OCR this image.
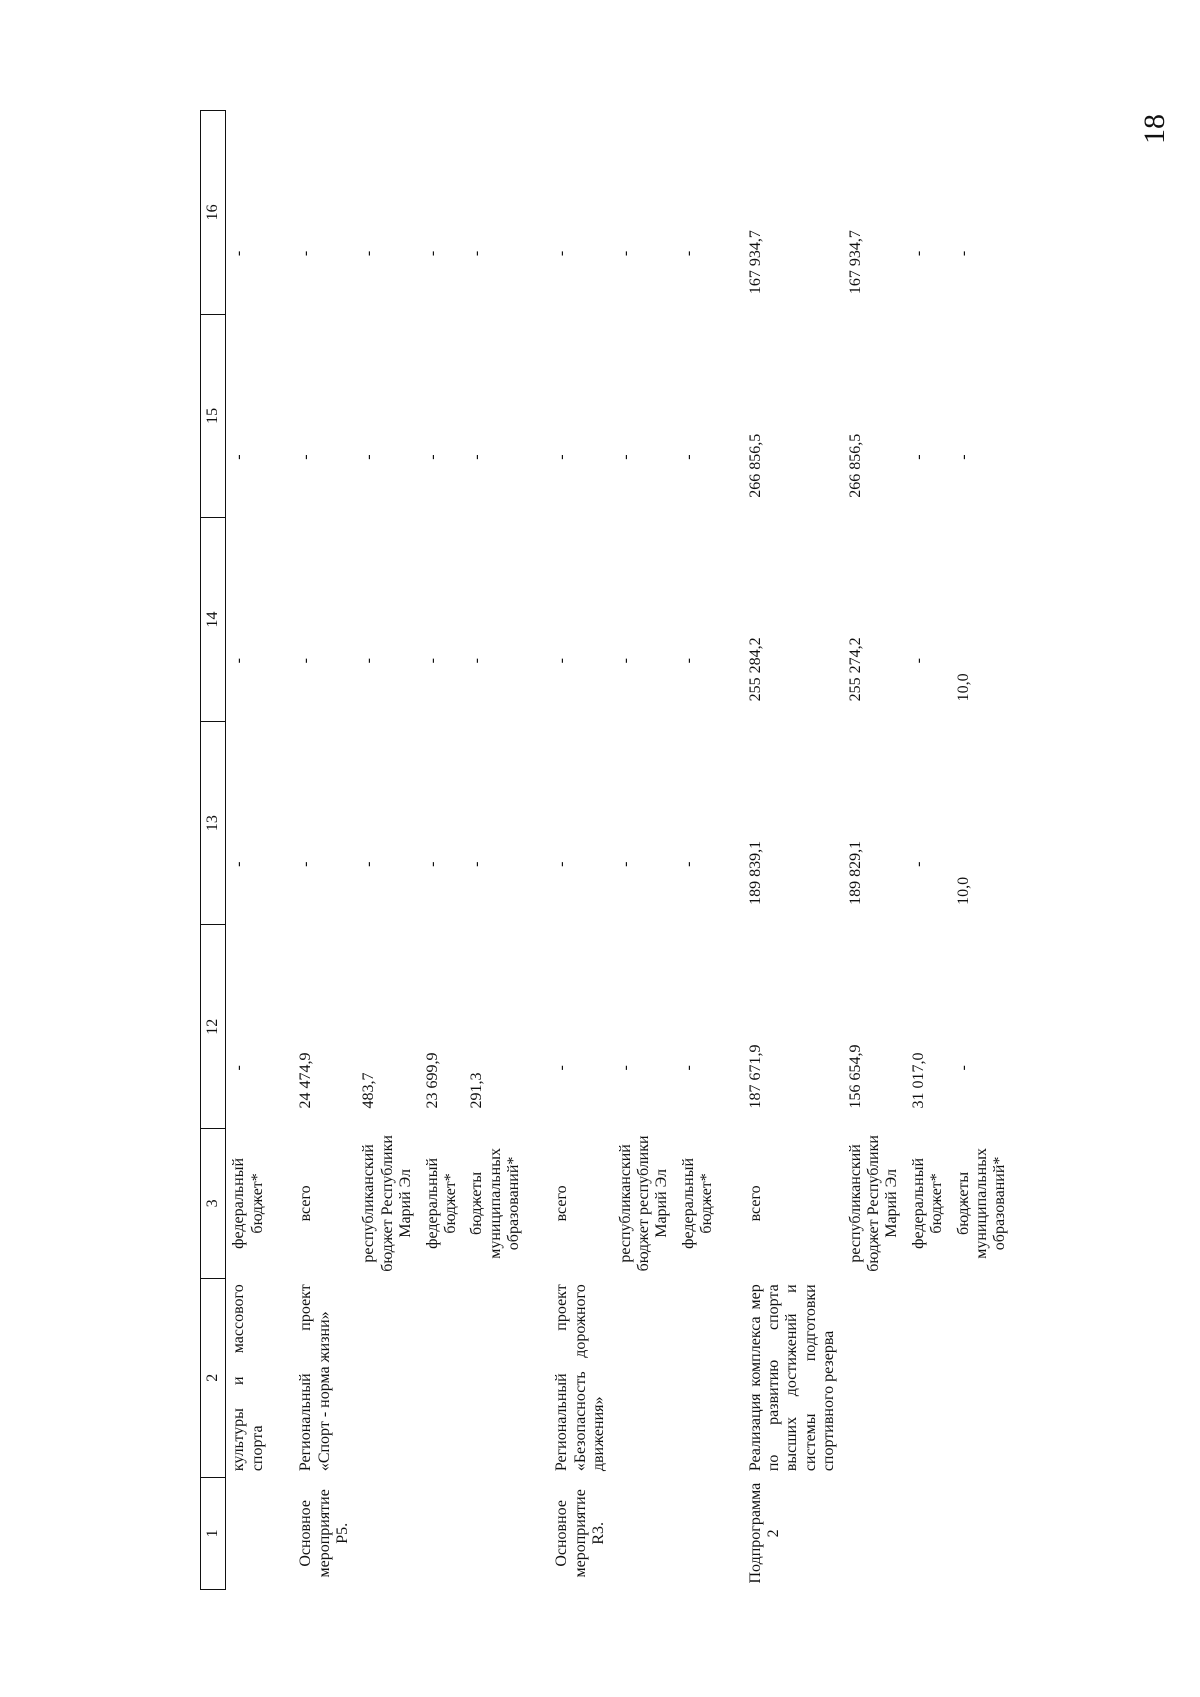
18
1	2	3	12	13	14	15	16
	культуры и массового спорта	федеральный бюджет*	-	-	-	-	-

Основное мероприятие P5.	Региональный проект «Спорт - норма жизни»	всего	24 474,9	-	-	-	-
		республиканский бюджет Республики Марий Эл	483,7	-	-	-	-
		федеральный бюджет*	23 699,9	-	-	-	-
		бюджеты муниципальных образований*	291,3	-	-	-	-

Основное мероприятие R3.	Региональный проект «Безопасность дорожного движения»	всего	-	-	-	-	-
		республиканский бюджет республики Марий Эл	-	-	-	-	-
		федеральный бюджет*	-	-	-	-	-

Подпрограмма 2	Реализация комплекса мер по развитию спорта высших достижений и системы подготовки спортивного резерва	всего	187 671,9	189 839,1	255 284,2	266 856,5	167 934,7
		республиканский бюджет Республики Марий Эл	156 654,9	189 829,1	255 274,2	266 856,5	167 934,7
		федеральный бюджет*	31 017,0	-	-	-	-
		бюджеты муниципальных образований*	-	10,0	10,0	-	-
